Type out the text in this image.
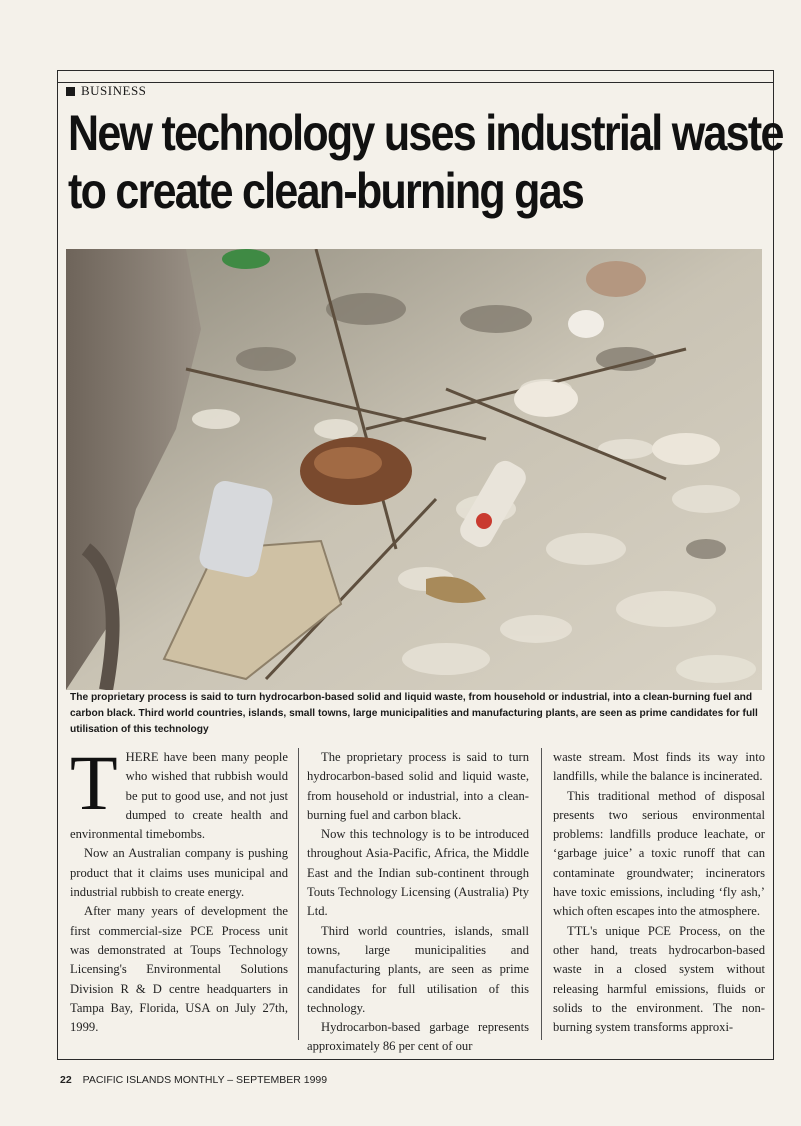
BUSINESS
New technology uses industrial waste
to create clean-burning gas
The proprietary process is said to turn hydrocarbon-based solid and liquid waste, from household or industrial, into a clean-burning fuel and carbon black. Third world countries, islands, small towns, large municipalities and manufacturing plants, are seen as prime candidates for full utilisation of this technology

THERE have been many people who wished that rubbish would be put to good use, and not just dumped to create health and environmental timebombs.

Now an Australian company is pushing product that it claims uses municipal and industrial rubbish to create energy.

After many years of development the first commercial-size PCE Process unit was demonstrated at Toups Technology Licensing's Environmental Solutions Division R & D centre headquarters in Tampa Bay, Florida, USA on July 27th, 1999.

The proprietary process is said to turn hydrocarbon-based solid and liquid waste, from household or industrial, into a clean-burning fuel and carbon black.

Now this technology is to be introduced throughout Asia-Pacific, Africa, the Middle East and the Indian sub-continent through Touts Technology Licensing (Australia) Pty Ltd.

Third world countries, islands, small towns, large municipalities and manufacturing plants, are seen as prime candidates for full utilisation of this technology.

Hydrocarbon-based garbage represents approximately 86 per cent of our

waste stream. Most finds its way into landfills, while the balance is incinerated.

This traditional method of disposal presents two serious environmental problems: landfills produce leachate, or ‘garbage juice’ a toxic runoff that can contaminate groundwater; incinerators have toxic emissions, including ‘fly ash,’ which often escapes into the atmosphere.

TTL's unique PCE Process, on the other hand, treats hydrocarbon-based waste in a closed system without releasing harmful emissions, fluids or solids to the environment. The non-burning system transforms approxi-

22 PACIFIC ISLANDS MONTHLY – SEPTEMBER 1999
